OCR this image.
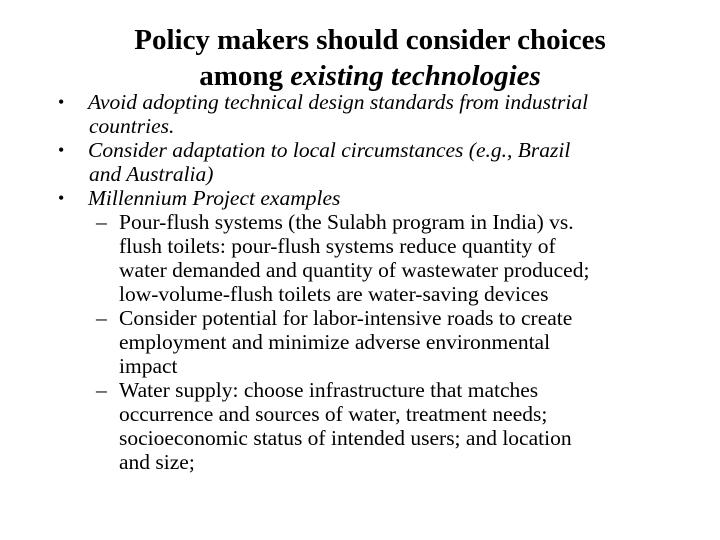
Policy makers should consider choices
among existing technologies
• Avoid adopting technical design standards from industrial
countries.
• Consider adaptation to local circumstances (e.g., Brazil
and Australia)
• Millennium Project examples
– Pour-flush systems (the Sulabh program in India) vs.
flush toilets: pour-flush systems reduce quantity of
water demanded and quantity of wastewater produced;
low-volume-flush toilets are water-saving devices
– Consider potential for labor-intensive roads to create
employment and minimize adverse environmental
impact
– Water supply: choose infrastructure that matches
occurrence and sources of water, treatment needs;
socioeconomic status of intended users; and location
and size;
